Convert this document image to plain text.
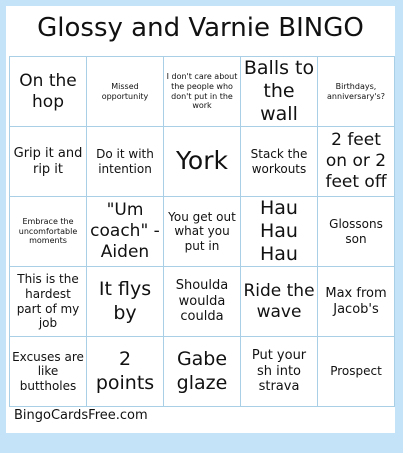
Glossy and Varnie BINGO
On the hop
Missed opportunity
I don't care about the people who don't put in the work
Balls to the wall
Birthdays, anniversary's?
Grip it and rip it
Do it with intention York	Stack the workouts
2 feet on or 2 feet off
Embrace the uncomfortable moments
"Um coach" -Aiden
You get out what you put in
Hau Hau Hau
Glossons son
This is the hardest part of my job
It flys by
Shoulda woulda coulda
Ride the wave
Max from Jacob's
Excuses are like buttholes
2 points
Gabe glaze
Put your sh into strava
Prospect
BingoCardsFree.com
